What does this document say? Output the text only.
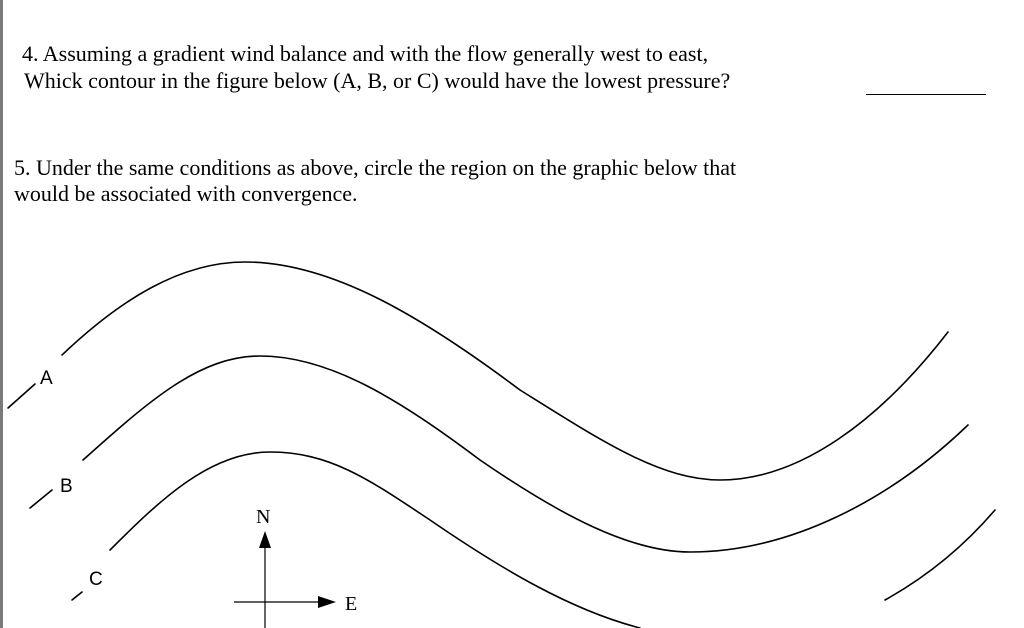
4. Assuming a gradient wind balance and with the flow generally west to east,
Whick contour in the figure below (A, B, or C) would have the lowest pressure?
5. Under the same conditions as above, circle the region on the graphic below that
would be associated with convergence.
A
B
C
N
E
